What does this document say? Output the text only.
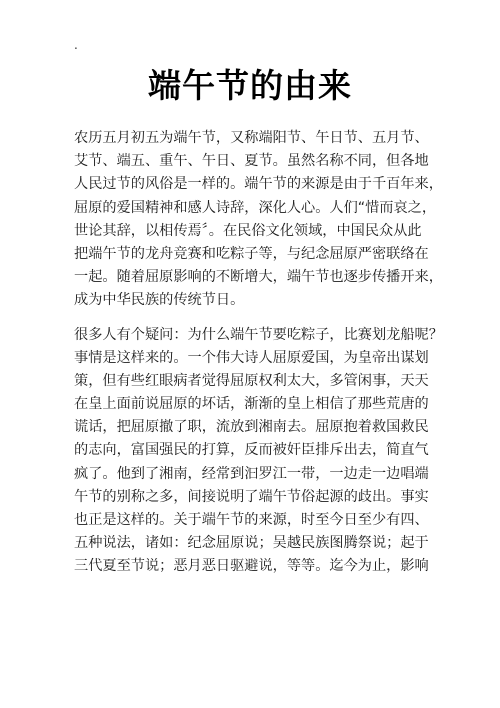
.
端午节的由来

农历五月初五为端午节，又称端阳节、午日节、五月节、
艾节、端五、重午、午日、夏节。虽然名称不同，但各地
人民过节的风俗是一样的。端午节的来源是由于千百年来，
屈原的爱国精神和感人诗辞，深化人心。人们“惜而哀之，
世论其辞，以相传焉〞。在民俗文化领域，中国民众从此
把端午节的龙舟竞赛和吃粽子等，与纪念屈原严密联络在
一起。随着屈原影响的不断增大，端午节也逐步传播开来，
成为中华民族的传统节日。

很多人有个疑问：为什么端午节要吃粽子，比赛划龙船呢？
事情是这样来的。一个伟大诗人屈原爱国，为皇帝出谋划
策，但有些红眼病者觉得屈原权利太大，多管闲事，天天
在皇上面前说屈原的坏话，渐渐的皇上相信了那些荒唐的
谎话，把屈原撤了职，流放到湘南去。屈原抱着救国救民
的志向，富国强民的打算，反而被奸臣排斥出去，简直气
疯了。他到了湘南，经常到汩罗江一带，一边走一边唱端
午节的别称之多，间接说明了端午节俗起源的歧出。事实
也正是这样的。关于端午节的来源，时至今日至少有四、
五种说法，诸如：纪念屈原说；吴越民族图腾祭说；起于
三代夏至节说；恶月恶日驱避说，等等。迄今为止，影响
